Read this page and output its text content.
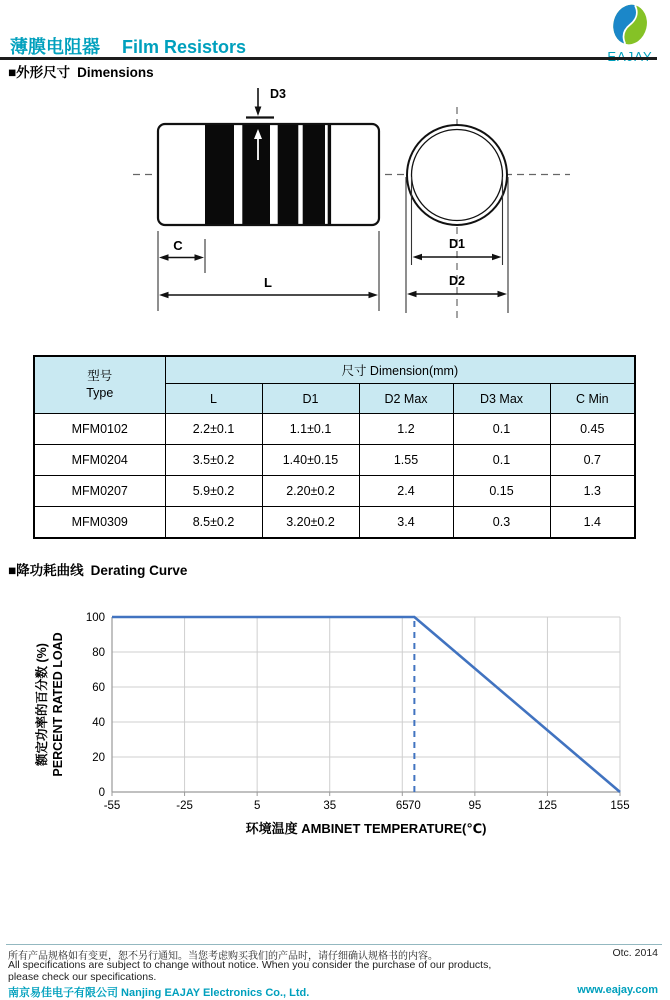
薄膜电阻器 Film Resistors
■外形尺寸 Dimensions
D3
C
L
D1
D2
型号
Type	尺寸 Dimension(mm)				
	L	D1	D2 Max	D3 Max	C Min
MFM0102	2.2±0.1	1.1±0.1	1.2	0.1	0.45
MFM0204	3.5±0.2	1.40±0.15	1.55	0.1	0.7
MFM0207	5.9±0.2	2.20±0.2	2.4	0.15	1.3
MFM0309	8.5±0.2	3.20±0.2	3.4	0.3	1.4
■降功耗曲线 Derating Curve
0
20
40
60
80
100
-55	-25	5	35	65 70	95	125	155
环境温度 AMBINET TEMPERATURE(℃)
额定功率的百分数 (%) PERCENT RATED LOAD
所有产品规格如有变更，恕不另行通知。当您考虑购买我们的产品时，请仔细确认规格书的内容。	Otc. 2014
All specifications are subject to change without notice. When you consider the purchase of our products,
please check our specifications.
南京易佳电子有限公司 Nanjing EAJAY Electronics Co., Ltd.	www.eajay.com
